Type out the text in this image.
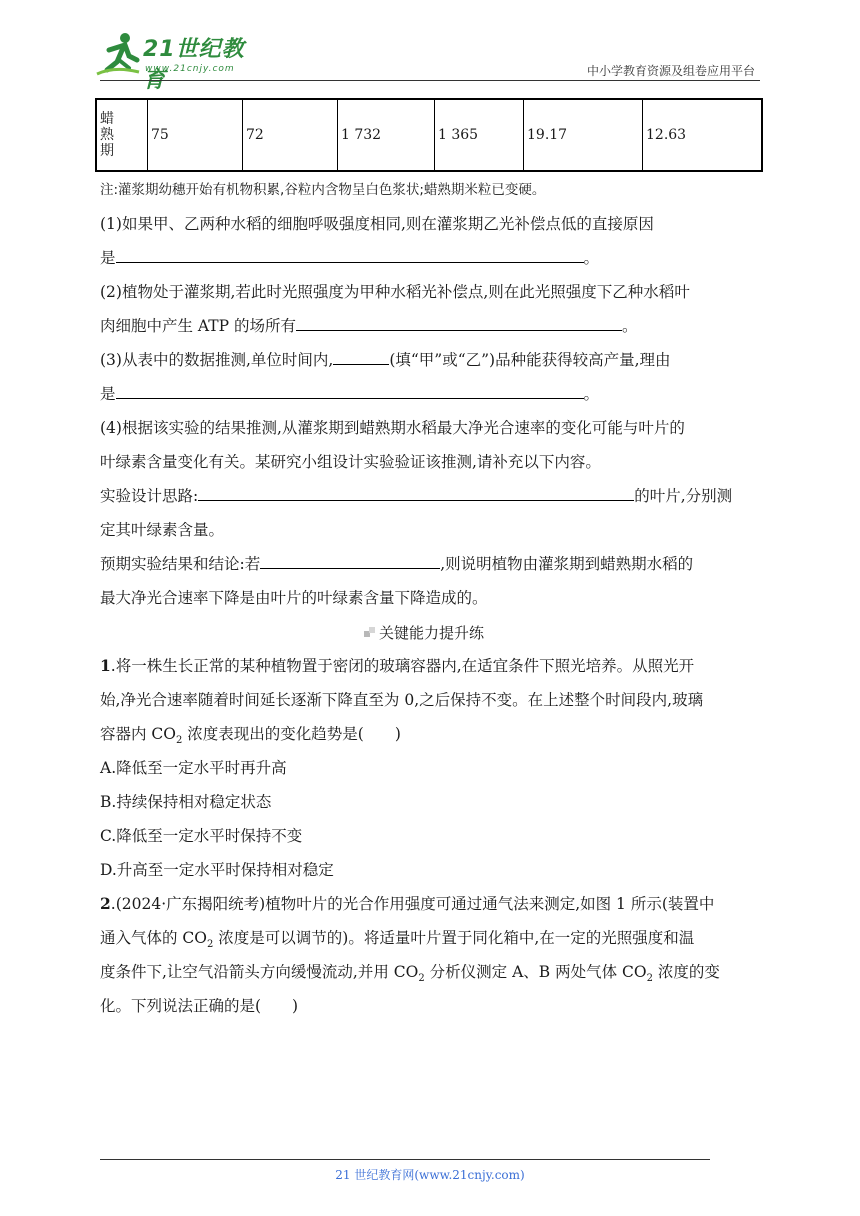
21世纪教育
www.21cnjy.com	中小学教育资源及组卷应用平台
蜡
熟
期
	75	72	1 732	1 365	19.17	12.63
注:灌浆期幼穗开始有机物积累,谷粒内含物呈白色浆状;蜡熟期米粒已变硬。
(1)如果甲、乙两种水稻的细胞呼吸强度相同,则在灌浆期乙光补偿点低的直接原因
是	。
(2)植物处于灌浆期,若此时光照强度为甲种水稻光补偿点,则在此光照强度下乙种水稻叶
肉细胞中产生 ATP 的场所有	。
(3)从表中的数据推测,单位时间内,	(填“甲”或“乙”)品种能获得较高产量,理由
是	。
(4)根据该实验的结果推测,从灌浆期到蜡熟期水稻最大净光合速率的变化可能与叶片的
叶绿素含量变化有关。某研究小组设计实验验证该推测,请补充以下内容。
实验设计思路:	的叶片,分别测
定其叶绿素含量。
预期实验结果和结论:若	,则说明植物由灌浆期到蜡熟期水稻的
最大净光合速率下降是由叶片的叶绿素含量下降造成的。
关键能力提升练
1.将一株生长正常的某种植物置于密闭的玻璃容器内,在适宜条件下照光培养。从照光开
始,净光合速率随着时间延长逐渐下降直至为 0,之后保持不变。在上述整个时间段内,玻璃
容器内 $CO_2$ 浓度表现出的变化趋势是(　　)
A.降低至一定水平时再升高
B.持续保持相对稳定状态
C.降低至一定水平时保持不变
D.升高至一定水平时保持相对稳定
2.(2024·广东揭阳统考)植物叶片的光合作用强度可通过通气法来测定,如图 1 所示(装置中
通入气体的 $CO_2$ 浓度是可以调节的)。将适量叶片置于同化箱中,在一定的光照强度和温
度条件下,让空气沿箭头方向缓慢流动,并用 $CO_2$ 分析仪测定 A、B 两处气体 $CO_2$ 浓度的变
化。下列说法正确的是(　　)
21 世纪教育网(www.21cnjy.com)
